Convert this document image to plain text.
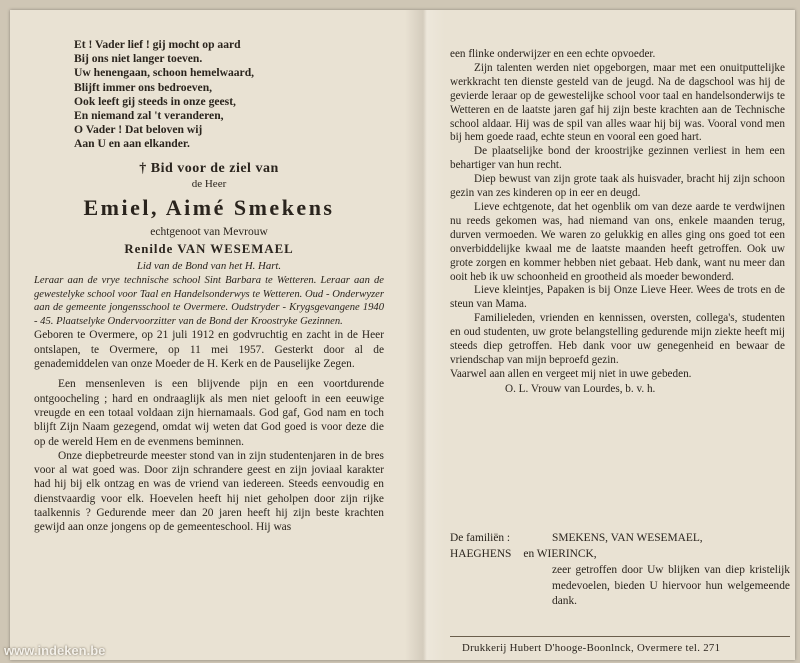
Et ! Vader lief ! gij mocht op aard

Bij ons niet langer toeven.

Uw henengaan, schoon hemelwaard,

Blijft immer ons bedroeven,

Ook leeft gij steeds in onze geest,

En niemand zal 't veranderen,

O Vader ! Dat beloven wij

Aan U en aan elkander.

† Bid voor de ziel van
de Heer
Emiel, Aimé Smekens
echtgenoot van Mevrouw
Renilde VAN WESEMAEL
Lid van de Bond van het H. Hart.
Leraar aan de vrye technische school Sint Barbara te Wetteren. Leraar aan de gewestelyke school voor Taal en Handelsonderwys te Wetteren. Oud - Onderwyzer aan de gemeente jongensschool te Overmere. Oudstryder - Krygsgevangene 1940 - 45. Plaatselyke Ondervoorzitter van de Bond der Kroostryke Gezinnen.

Geboren te Overmere, op 21 juli 1912 en godvruchtig en zacht in de Heer ontslapen, te Overmere, op 11 mei 1957. Gesterkt door al de genademiddelen van onze Moeder de H. Kerk en de Pauselijke Zegen.

Een mensenleven is een blijvende pijn en een voortdurende ontgoocheling ; hard en ondraaglijk als men niet gelooft in een eeuwige vreugde en een totaal voldaan zijn hiernamaals. God gaf, God nam en toch blijft Zijn Naam gezegend, omdat wij weten dat God goed is voor deze die op de wereld Hem en de evenmens beminnen.

Onze diepbetreurde meester stond van in zijn studentenjaren in de bres voor al wat goed was. Door zijn schrandere geest en zijn joviaal karakter had hij bij elk ontzag en was de vriend van iedereen. Steeds eenvoudig en dienstvaardig voor elk. Hoevelen heeft hij niet geholpen door zijn rijke taalkennis ? Gedurende meer dan 20 jaren heeft hij zijn beste krachten gewijd aan onze jongens op de gemeenteschool. Hij was

een flinke onderwijzer en een echte opvoeder.

Zijn talenten werden niet opgeborgen, maar met een onuitputtelijke werkkracht ten dienste gesteld van de jeugd. Na de dagschool was hij de gevierde leraar op de gewestelijke school voor taal en handelsonderwijs te Wetteren en de laatste jaren gaf hij zijn beste krachten aan de Technische school aldaar. Hij was de spil van alles waar hij bij was. Vooral vond men bij hem goede raad, echte steun en vooral een goed hart.

De plaatselijke bond der kroostrijke gezinnen verliest in hem een behartiger van hun recht.

Diep bewust van zijn grote taak als huisvader, bracht hij zijn schoon gezin van zes kinderen op in eer en deugd.

Lieve echtgenote, dat het ogenblik om van deze aarde te verdwijnen nu reeds gekomen was, had niemand van ons, enkele maanden terug, durven vermoeden. We waren zo gelukkig en alles ging ons goed tot een onverbiddelijke kwaal me de laatste maanden heeft getroffen. Ook uw grote zorgen en kommer hebben niet gebaat. Heb dank, want nu meer dan ooit heb ik uw schoonheid en grootheid als moeder bewonderd.

Lieve kleintjes, Papaken is bij Onze Lieve Heer. Wees de trots en de steun van Mama.

Familieleden, vrienden en kennissen, oversten, collega's, studenten en oud studenten, uw grote belangstelling gedurende mijn ziekte heeft mij steeds diep getroffen. Heb dank voor uw genegenheid en bewaar de vriendschap van mijn beproefd gezin.

Vaarwel aan allen en vergeet mij niet in uwe gebeden.

O. L. Vrouw van Lourdes, b. v. h.
De familiën :	SMEKENS, VAN WESEMAEL,
HAEGHENS	en WIERINCK,
zeer getroffen door Uw blijken van diep kristelijk medevoelen, bieden U hiervoor hun welgemeende dank.
Drukkerij Hubert D'hooge-Boonlnck, Overmere tel. 271
www.indeken.be
